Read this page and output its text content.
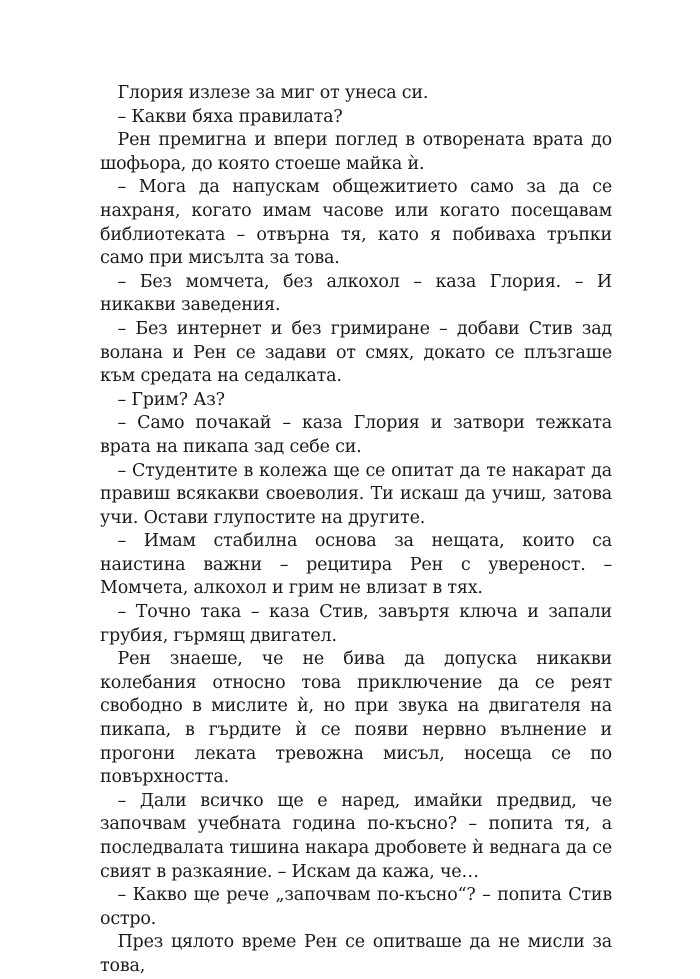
Глория излезе за миг от унеса си.

– Какви бяха правилата?

Рен премигна и впери поглед в отворената врата до шофьора, до която стоеше майка ѝ.

– Мога да напускам общежитието само за да се нахраня, когато имам часове или когато посещавам библиотеката – отвърна тя, като я побиваха тръпки само при мисълта за това.

– Без момчета, без алкохол – каза Глория. – И никакви заведения.

– Без интернет и без гримиране – добави Стив зад волана и Рен се задави от смях, докато се плъзгаше към средата на седалката.

– Грим? Аз?

– Само почакай – каза Глория и затвори тежката врата на пикапа зад себе си.

– Студентите в колежа ще се опитат да те накарат да правиш всякакви своеволия. Ти искаш да учиш, затова учи. Остави глупостите на другите.

– Имам стабилна основа за нещата, които са наистина важни – рецитира Рен с увереност. – Момчета, алкохол и грим не влизат в тях.

– Точно така – каза Стив, завъртя ключа и запали грубия, гърмящ двигател.

Рен знаеше, че не бива да допуска никакви колебания относно това приключение да се реят свободно в мислите ѝ, но при звука на двигателя на пикапа, в гърдите ѝ се появи нервно вълнение и прогони леката тревожна мисъл, носеща се по повърхността.

– Дали всичко ще е наред, имайки предвид, че започвам учебната година по-късно? – попита тя, а последвалата тишина накара дробовете ѝ веднага да се свият в разкаяние. – Искам да кажа, че…

– Какво ще рече „започвам по-късно“? – попита Стив остро.

През цялото време Рен се опитваше да не мисли за това,
